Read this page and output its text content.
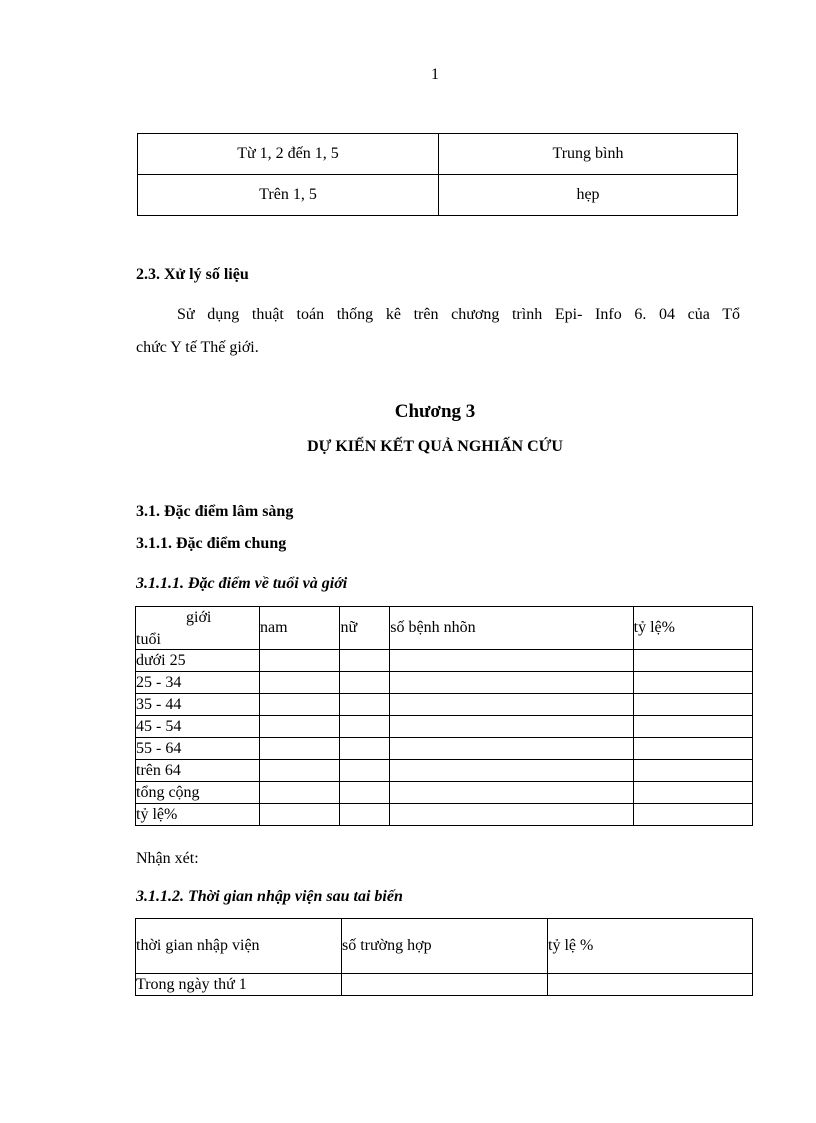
1
Từ 1, 2 đến 1, 5	Trung bình
Trên 1, 5	hẹp
2.3. Xử lý số liệu
Sử dụng thuật toán thống kê trên chương trình Epi- Info 6. 04 của Tổ
chức Y tế Thế giới.
Chương 3
DỰ KIẾN KẾT QUẢ NGHIẤN CỨU
3.1. Đặc điểm lâm sàng
3.1.1. Đặc điểm chung
3.1.1.1. Đặc điểm về tuổi và giới
giới
tuổi	nam	nữ	số bệnh nhõn	tỷ lệ%
dưới 25				
25 - 34				
35 - 44				
45 - 54				
55 - 64				
trên 64				
tổng cộng				
tỷ lệ%				
Nhận xét:
3.1.1.2. Thời gian nhập viện sau tai biến
thời gian nhập viện	số trường hợp	tỷ lệ %
Trong ngày thứ 1		
